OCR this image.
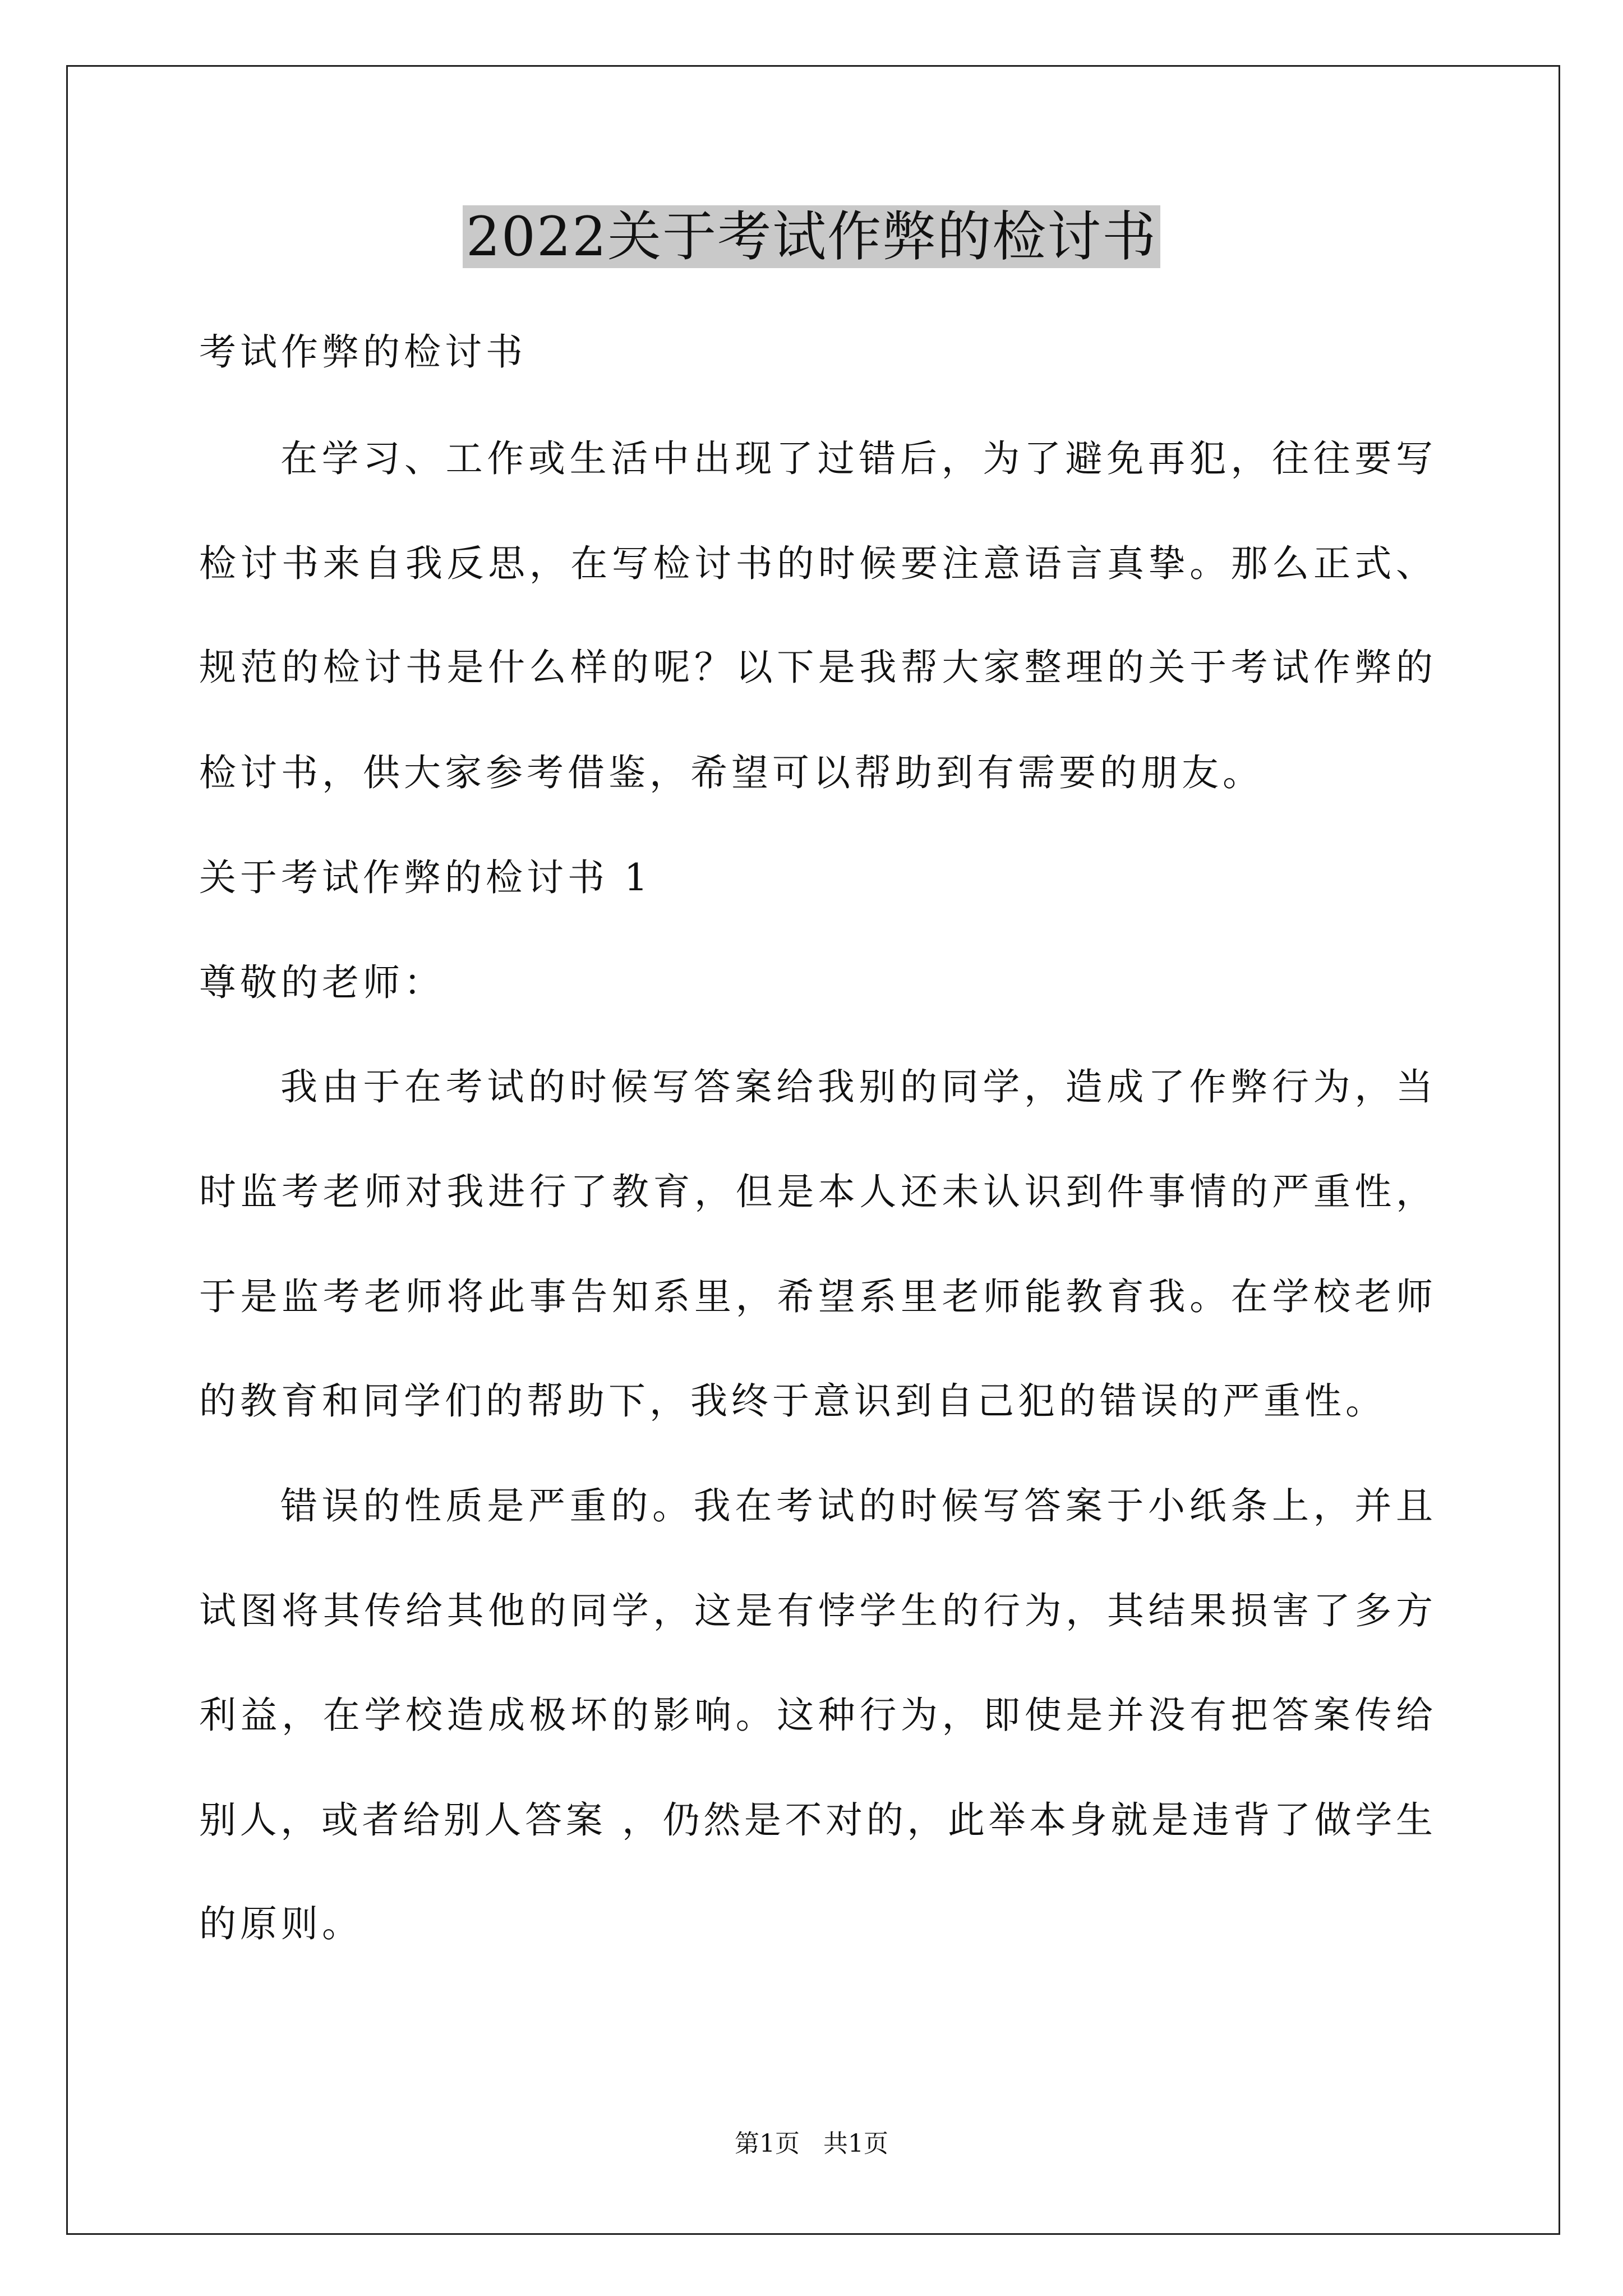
2022关于考试作弊的检讨书
考试作弊的检讨书
在学习、工作或生活中出现了过错后，为了避免再犯，往往要写
检讨书来自我反思，在写检讨书的时候要注意语言真挚。那么正式、
规范的检讨书是什么样的呢？以下是我帮大家整理的关于考试作弊的
检讨书，供大家参考借鉴，希望可以帮助到有需要的朋友。
关于考试作弊的检讨书 1
尊敬的老师：
我由于在考试的时候写答案给我别的同学，造成了作弊行为，当
时监考老师对我进行了教育，但是本人还未认识到件事情的严重性，
于是监考老师将此事告知系里，希望系里老师能教育我。在学校老师
的教育和同学们的帮助下，我终于意识到自己犯的错误的严重性。
错误的性质是严重的。我在考试的时候写答案于小纸条上，并且
试图将其传给其他的同学，这是有悖学生的行为，其结果损害了多方
利益，在学校造成极坏的影响。这种行为，即使是并没有把答案传给
别人，或者给别人答案 ，仍然是不对的，此举本身就是违背了做学生
的原则。
第1页   共1页
